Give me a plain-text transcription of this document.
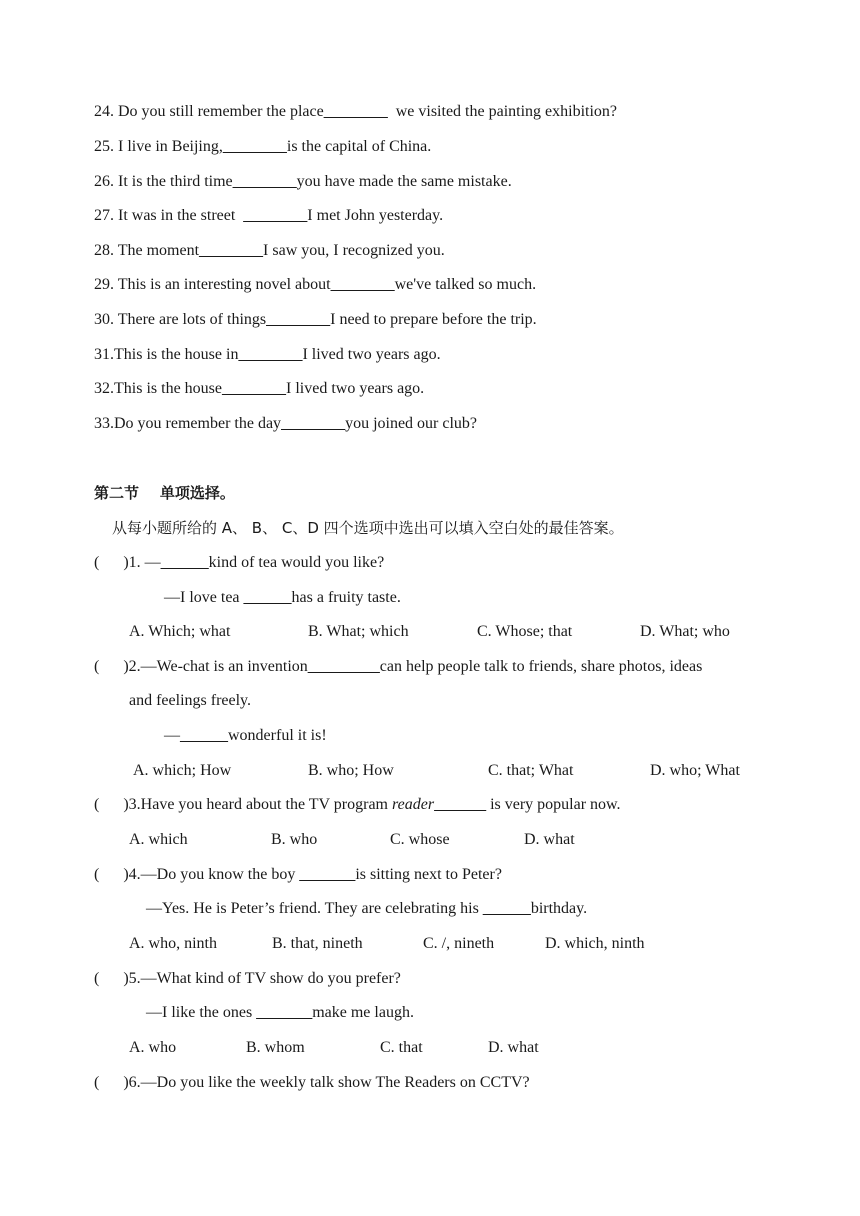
24. Do you still remember the place________  we visited the painting exhibition?
25. I live in Beijing,________is the capital of China.
26. It is the third time________you have made the same mistake.
27. It was in the street  ________I met John yesterday.
28. The moment________I saw you, I recognized you.
29. This is an interesting novel about________we've talked so much.
30. There are lots of things________I need to prepare before the trip.
31.This is the house in________I lived two years ago.
32.This is the house________I lived two years ago.
33.Do you remember the day________you joined our club?
第二节    单项选择。
从每小题所给的 A、 B、 C、D 四个选项中选出可以填入空白处的最佳答案。
(      )1. —______kind of tea would you like?
—I love tea ______has a fruity taste.
A. Which; what	B. What; which	C. Whose; that	D. What; who
(      )2.—We-chat is an invention_________can help people talk to friends, share photos, ideas
and feelings freely.
—______wonderful it is!
A. which; How	B. who; How	C. that; What	D. who; What
(      )3.Have you heard about the TV program reader ______ is very popular now.
A. which	B. who	C. whose	D. what
(      )4.—Do you know the boy _______is sitting next to Peter?
—Yes. He is Peter’s friend. They are celebrating his ______birthday.
A. who, ninth	B. that, nineth	C. /, nineth	D. which, ninth
(      )5.—What kind of TV show do you prefer?
—I like the ones _______make me laugh.
A. who	B. whom	C. that	D. what
(      )6.—Do you like the weekly talk show The Readers on CCTV?
